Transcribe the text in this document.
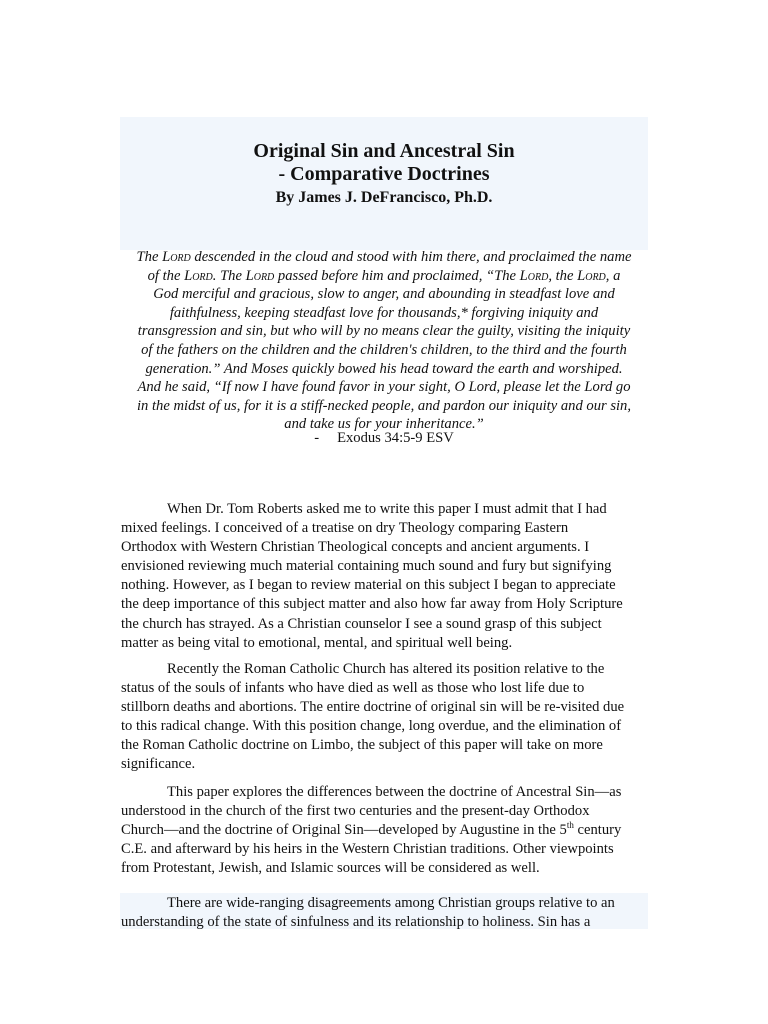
Original Sin and Ancestral Sin
- Comparative Doctrines
By James J. DeFrancisco, Ph.D.
The Lord descended in the cloud and stood with him there, and proclaimed the name
of the Lord. The Lord passed before him and proclaimed, “The Lord, the Lord, a
God merciful and gracious, slow to anger, and abounding in steadfast love and
faithfulness, keeping steadfast love for thousands,* forgiving iniquity and
transgression and sin, but who will by no means clear the guilty, visiting the iniquity
of the fathers on the children and the children's children, to the third and the fourth
generation.” And Moses quickly bowed his head toward the earth and worshiped.
And he said, “If now I have found favor in your sight, O Lord, please let the Lord go
in the midst of us, for it is a stiff-necked people, and pardon our iniquity and our sin,
and take us for your inheritance.”
- Exodus 34:5-9 ESV
When Dr. Tom Roberts asked me to write this paper I must admit that I had
mixed feelings. I conceived of a treatise on dry Theology comparing Eastern
Orthodox with Western Christian Theological concepts and ancient arguments. I
envisioned reviewing much material containing much sound and fury but signifying
nothing. However, as I began to review material on this subject I began to appreciate
the deep importance of this subject matter and also how far away from Holy Scripture
the church has strayed. As a Christian counselor I see a sound grasp of this subject
matter as being vital to emotional, mental, and spiritual well being.
Recently the Roman Catholic Church has altered its position relative to the
status of the souls of infants who have died as well as those who lost life due to
stillborn deaths and abortions. The entire doctrine of original sin will be re-visited due
to this radical change. With this position change, long overdue, and the elimination of
the Roman Catholic doctrine on Limbo, the subject of this paper will take on more
significance.
This paper explores the differences between the doctrine of Ancestral Sin—as
understood in the church of the first two centuries and the present-day Orthodox
Church—and the doctrine of Original Sin—developed by Augustine in the 5th century
C.E. and afterward by his heirs in the Western Christian traditions. Other viewpoints
from Protestant, Jewish, and Islamic sources will be considered as well.
There are wide-ranging disagreements among Christian groups relative to an
understanding of the state of sinfulness and its relationship to holiness. Sin has a
